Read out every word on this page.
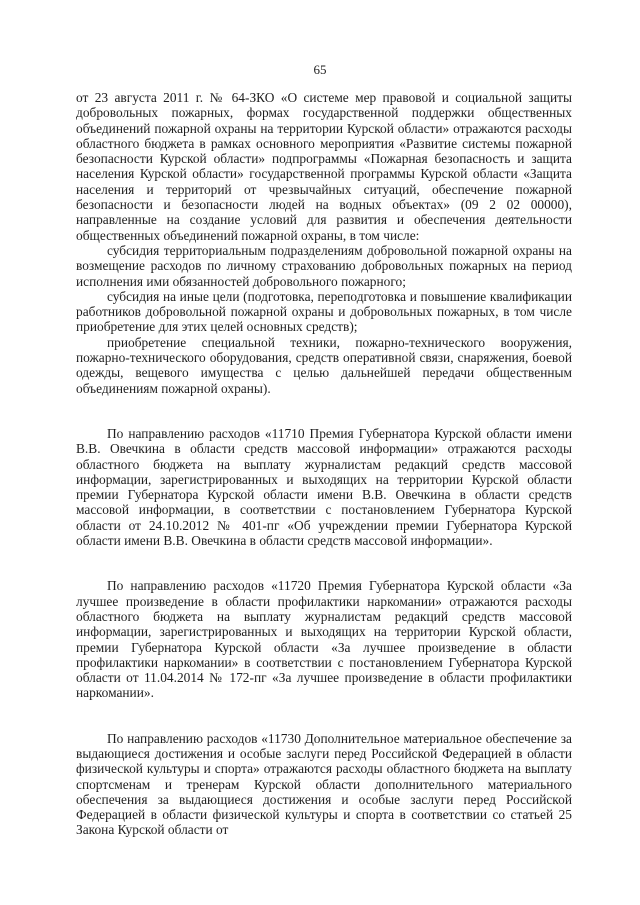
65

от 23 августа 2011 г. № 64-ЗКО «О системе мер правовой и социальной защиты добровольных пожарных, формах государственной поддержки общественных объединений пожарной охраны на территории Курской области» отражаются расходы областного бюджета в рамках основного мероприятия «Развитие системы пожарной безопасности Курской области» подпрограммы «Пожарная безопасность и защита населения Курской области» государственной программы Курской области «Защита населения и территорий от чрезвычайных ситуаций, обеспечение пожарной безопасности и безопасности людей на водных объектах» (09 2 02 00000), направленные на создание условий для развития и обеспечения деятельности общественных объединений пожарной охраны, в том числе:

субсидия территориальным подразделениям добровольной пожарной охраны на возмещение расходов по личному страхованию добровольных пожарных на период исполнения ими обязанностей добровольного пожарного;

субсидия на иные цели (подготовка, переподготовка и повышение квалификации работников добровольной пожарной охраны и добровольных пожарных, в том числе приобретение для этих целей основных средств);

приобретение специальной техники, пожарно-технического вооружения, пожарно-технического оборудования, средств оперативной связи, снаряжения, боевой одежды, вещевого имущества с целью дальнейшей передачи общественным объединениям пожарной охраны).

По направлению расходов «11710 Премия Губернатора Курской области имени В.В. Овечкина в области средств массовой информации» отражаются расходы областного бюджета на выплату журналистам редакций средств массовой информации, зарегистрированных и выходящих на территории Курской области премии Губернатора Курской области имени В.В. Овечкина в области средств массовой информации, в соответствии с постановлением Губернатора Курской области от 24.10.2012 № 401-пг «Об учреждении премии Губернатора Курской области имени В.В. Овечкина в области средств массовой информации».

По направлению расходов «11720 Премия Губернатора Курской области «За лучшее произведение в области профилактики наркомании» отражаются расходы областного бюджета на выплату журналистам редакций средств массовой информации, зарегистрированных и выходящих на территории Курской области, премии Губернатора Курской области «За лучшее произведение в области профилактики наркомании» в соответствии с постановлением Губернатора Курской области от 11.04.2014 № 172-пг «За лучшее произведение в области профилактики наркомании».

По направлению расходов «11730 Дополнительное материальное обеспечение за выдающиеся достижения и особые заслуги перед Российской Федерацией в области физической культуры и спорта» отражаются расходы областного бюджета на выплату спортсменам и тренерам Курской области дополнительного материального обеспечения за выдающиеся достижения и особые заслуги перед Российской Федерацией в области физической культуры и спорта в соответствии со статьей 25 Закона Курской области от
